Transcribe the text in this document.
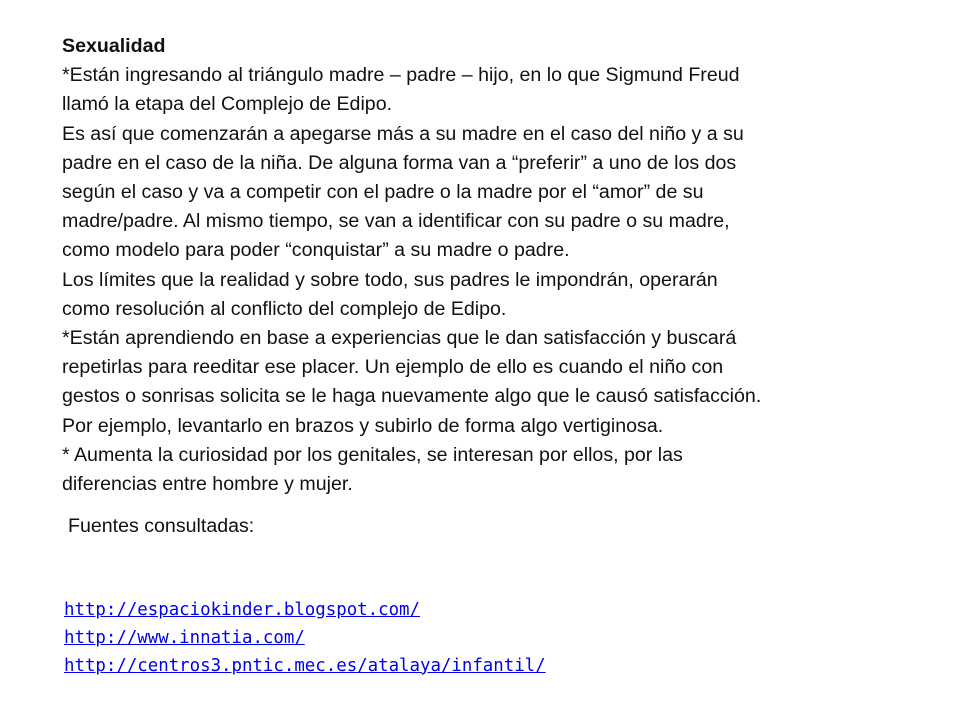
Sexualidad

*Están ingresando al triángulo madre – padre – hijo, en lo que Sigmund Freud

llamó la etapa del Complejo de Edipo.

Es así que comenzarán a apegarse más a su madre en el caso del niño y a su

padre en el caso de la niña. De alguna forma van a “preferir” a uno de los dos

según el caso y va a competir con el padre o la madre por el “amor” de su

madre/padre. Al mismo tiempo, se van a identificar con su padre o su madre,

como modelo para poder “conquistar” a su madre o padre.

Los límites que la realidad y sobre todo, sus padres le impondrán, operarán

como resolución al conflicto del complejo de Edipo.

*Están aprendiendo en base a experiencias que le dan satisfacción y buscará

repetirlas para reeditar ese placer. Un ejemplo de ello es cuando el niño con

gestos o sonrisas solicita se le haga nuevamente algo que le causó satisfacción.

Por ejemplo, levantarlo en brazos y subirlo de forma algo vertiginosa.

* Aumenta la curiosidad por los genitales, se interesan por ellos, por las

diferencias entre hombre y mujer.

Fuentes consultadas:
http://espaciokinder.blogspot.com/
http://www.innatia.com/
http://centros3.pntic.mec.es/atalaya/infantil/
